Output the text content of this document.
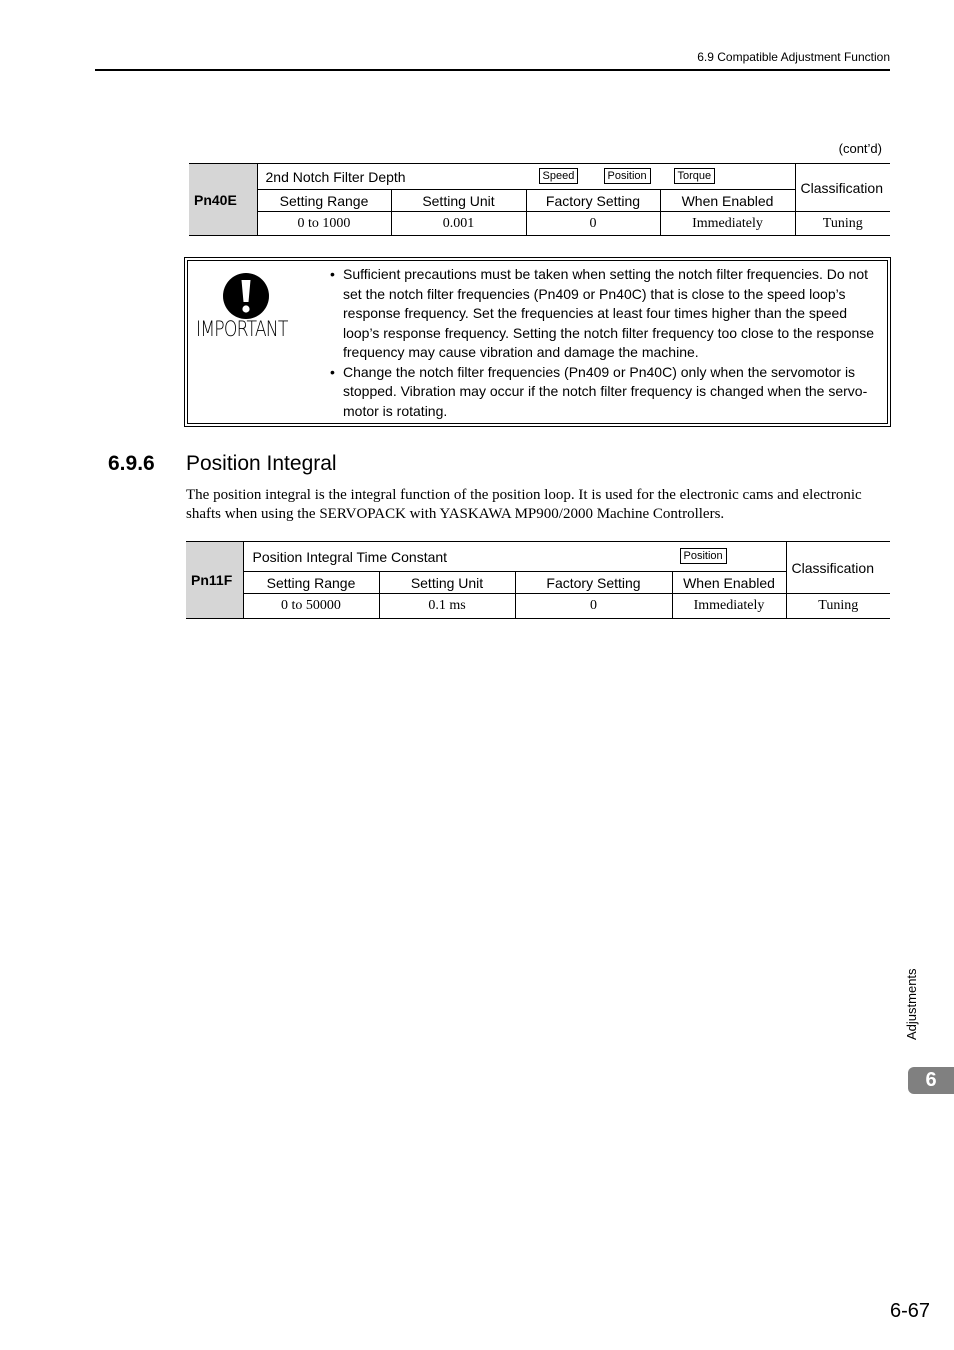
6.9 Compatible Adjustment Function
(cont’d)
Pn40E	2nd Notch Filter Depth Speed Position Torque				Classification
	Setting Range	Setting Unit	Factory Setting	When Enabled	
	0 to 1000	0.001	0	Immediately	Tuning
IMPORTANT
• Sufficient precautions must be taken when setting the notch filter frequencies. Do not set the notch filter frequencies (Pn409 or Pn40C) that is close to the speed loop’s response frequency. Set the frequencies at least four times higher than the speed loop’s response frequency. Setting the notch filter frequency too close to the response frequency may cause vibration and damage the machine.
• Change the notch filter frequencies (Pn409 or Pn40C) only when the servomotor is stopped. Vibration may occur if the notch filter frequency is changed when the servo-motor is rotating.
6.9.6 Position Integral
The position integral is the integral function of the position loop. It is used for the electronic cams and electronic shafts when using the SERVOPACK with YASKAWA MP900/2000 Machine Controllers.
Pn11F	Position Integral Time Constant Position				Classification
	Setting Range	Setting Unit	Factory Setting	When Enabled	
	0 to 50000	0.1 ms	0	Immediately	Tuning
Adjustments
6
6-67
